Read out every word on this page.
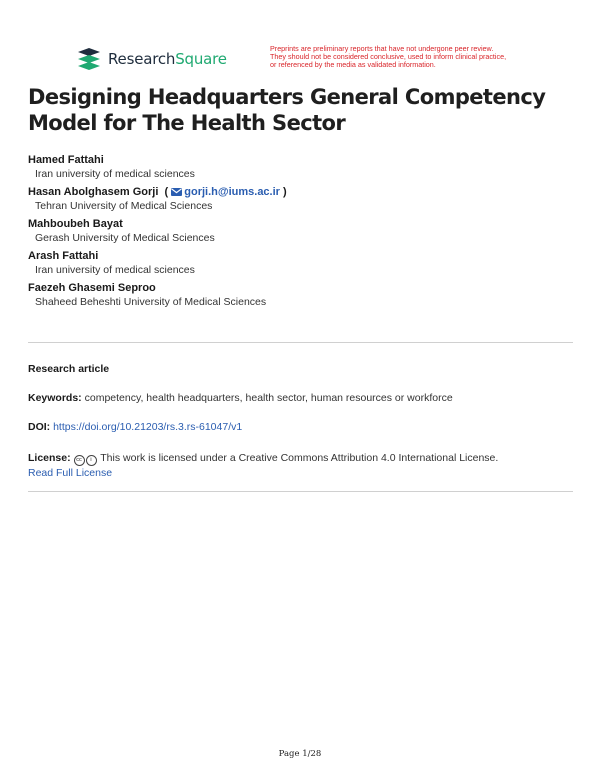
ResearchSquare
Preprints are preliminary reports that have not undergone peer review.
They should not be considered conclusive, used to inform clinical practice,
or referenced by the media as validated information.
Designing Headquarters General Competency Model for The Health Sector
Hamed Fattahi
Iran university of medical sciences
Hasan Abolghasem Gorji  ( gorji.h@iums.ac.ir )
Tehran University of Medical Sciences
Mahboubeh Bayat
Gerash University of Medical Sciences
Arash Fattahi
Iran university of medical sciences
Faezeh Ghasemi Seproo
Shaheed Beheshti University of Medical Sciences
Research article
Keywords: competency, health headquarters, health sector, human resources or workforce
DOI: https://doi.org/10.21203/rs.3.rs-61047/v1
License: cc i This work is licensed under a Creative Commons Attribution 4.0 International License.
Read Full License
Page 1/28
